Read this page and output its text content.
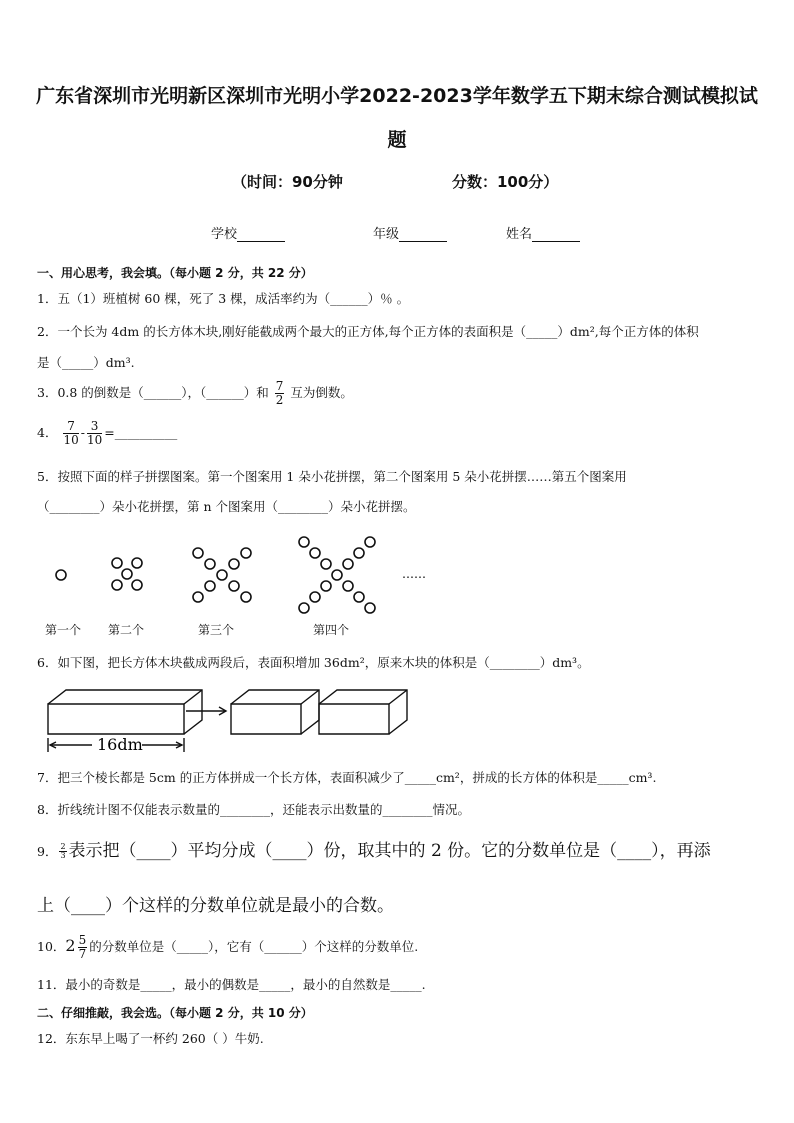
广东省深圳市光明新区深圳市光明小学2022-2023学年数学五下期末综合测试模拟试
题
（时间：90分钟	分数：100分）
学校	年级	姓名
一、用心思考，我会填。（每小题 2 分，共 22 分）
1．五（1）班植树 60 棵，死了 3 棵，成活率约为（______）％ 。
2．一个长为 4dm 的长方体木块,刚好能截成两个最大的正方体,每个正方体的表面积是（_____）dm²,每个正方体的体积
是（_____）dm³.
3．0.8 的倒数是（______），（______）和 $\frac{7}{2}$ 互为倒数。
4． $\frac{7}{10} - \frac{3}{10}$ =__________
5．按照下面的样子拼摆图案。第一个图案用 1 朵小花拼摆，第二个图案用 5 朵小花拼摆……第五个图案用
（________）朵小花拼摆，第 n 个图案用（________）朵小花拼摆。
……
第一个 第二个	第三个	第四个
6．如下图，把长方体木块截成两段后，表面积增加 36dm²，原来木块的体积是（________）dm³。
16dm
7．把三个棱长都是 5cm 的正方体拼成一个长方体，表面积减少了_____cm²，拼成的长方体的体积是_____cm³.
8．折线统计图不仅能表示数量的________，还能表示出数量的________情况。
9． $\frac{2}{3}$ 表示把（____）平均分成（____）份，取其中的 2 份。它的分数单位是（____），再添
上（____）个这样的分数单位就是最小的合数。
10．$2 \frac{5}{7}$ 的分数单位是（_____），它有（______）个这样的分数单位.
11．最小的奇数是_____，最小的偶数是_____，最小的自然数是_____.
二、仔细推敲，我会选。（每小题 2 分，共 10 分）
12．东东早上喝了一杯约 260（ ）牛奶.
